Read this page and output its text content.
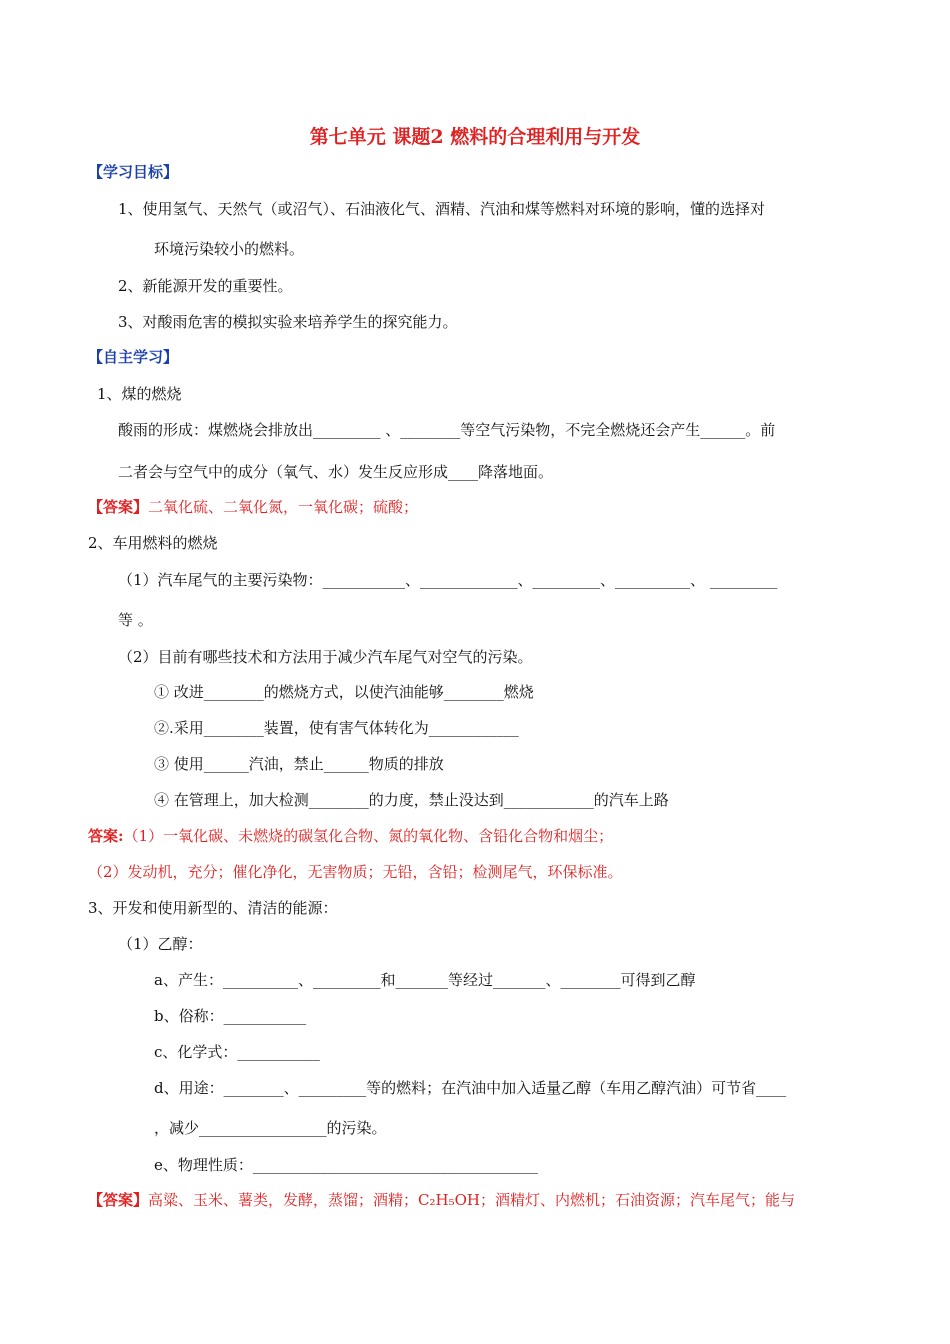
第七单元 课题2 燃料的合理利用与开发
【学习目标】
1、使用氢气、天然气（或沼气）、石油液化气、酒精、汽油和煤等燃料对环境的影响，懂的选择对
环境污染较小的燃料。
2、新能源开发的重要性。
3、对酸雨危害的模拟实验来培养学生的探究能力。
【自主学习】
1、煤的燃烧
酸雨的形成：煤燃烧会排放出_________ 、________等空气污染物，不完全燃烧还会产生______。前
二者会与空气中的成分（氧气、水）发生反应形成____降落地面。
【答案】二氧化硫、二氧化氮，一氧化碳；硫酸；
2、车用燃料的燃烧
（1）汽车尾气的主要污染物：___________、_____________、_________、__________、 _________
等 。
（2）目前有哪些技术和方法用于减少汽车尾气对空气的污染。
① 改进________的燃烧方式，以使汽油能够________燃烧
②.采用________装置，使有害气体转化为____________
③ 使用______汽油，禁止______物质的排放
④ 在管理上，加大检测________的力度，禁止没达到____________的汽车上路
答案:（1）一氧化碳、未燃烧的碳氢化合物、氮的氧化物、含铅化合物和烟尘；
（2）发动机，充分；催化净化，无害物质；无铅，含铅；检测尾气，环保标准。
3、开发和使用新型的、清洁的能源：
（1）乙醇：
a、产生：__________、_________和_______等经过_______、________可得到乙醇
b、俗称：___________
c、化学式：___________
d、用途：________、_________等的燃料；在汽油中加入适量乙醇（车用乙醇汽油）可节省____
，减少_________________的污染。
e、物理性质：______________________________________
【答案】高粱、玉米、薯类，发酵，蒸馏；酒精；C₂H₅OH；酒精灯、内燃机；石油资源；汽车尾气；能与
